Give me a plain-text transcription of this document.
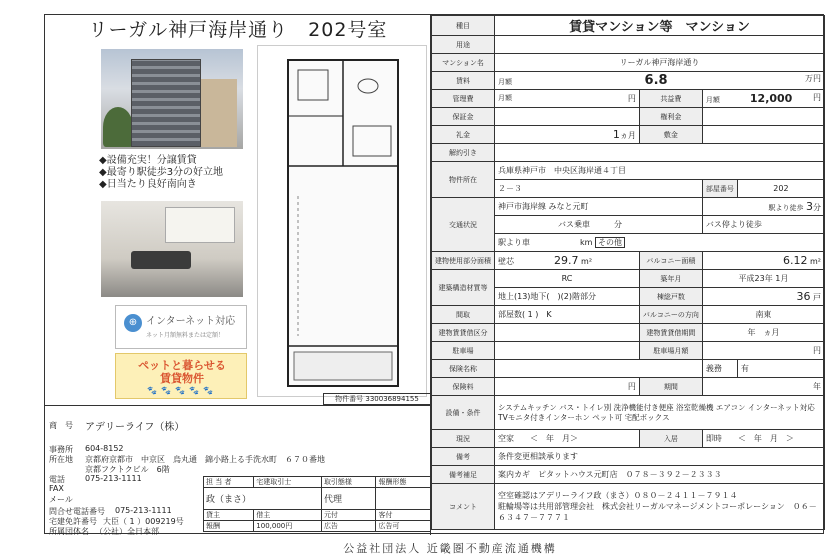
リーガル神戸海岸通り　202号室
◆設備充実！分譲賃貸
◆最寄り駅徒歩3分の好立地
◆日当たり良好南向き
⊕ インターネット対応
ネット月額無料または定額！
ペットと暮らせる
賃貸物件
🐾🐾🐾🐾🐾
物件番号 330036894155
商　号 アデリーライフ（株）
事務所 604-8152
所在地 京都府京都市　中京区　烏丸通　錦小路上る手洗水町　６７０番地
京都フクトクビル　6階
電話	075-213-1111
FAX
メール
問合せ電話番号 075-213-1111
宅建免許番号 大臣（ 1 ）009219号
所属団体名 （公社）全日本部
担 当 者	宅建取引士	取引態様	報酬形態
政（まさ）		代理	
貸主	借主	元付	客付
報酬	100,000円	広告	広告可
種目	賃貸マンション等　マンション			
用途				
マンション名	リーガル神戸海岸通り			
賃料	月額 6.8 万円			

管理費	月額 円	共益費	月額 12,000 円	

保証金		権利金		
礼金	1ヵ月	敷金		
解約引き				
物件所在	兵庫県神戸市　中央区海岸通４丁目			
	２－３		部屋番号	202
交通状況	神戸市海岸線 みなと元町		駅より徒歩 3分	
	バス乗車 分		バス停より徒歩	
	駅より車 km その他			
建物使用部分面積	壁芯 29.7 m²	バルコニー面積	6.12 m²	
建築構造材質等	RC	築年月	平成23年 1月	
	地上(13)地下(　)(2)階部分	棟総戸数	36 戸	
間取	部屋数( 1 )　K	バルコニーの方向	南東	
建物賃貸借区分		建物賃貸借期間	年　ヵ月	
駐車場		駐車場月額	円	
保険名称			義務	有
保険料	円	期間	年	
設備・条件	システムキッチン バス・トイレ別 洗浄機能付き便座 浴室乾燥機 エアコン インターネット対応 TVモニタ付きインターホン ペット可 宅配ボックス			
現況	空家　　＜　年　月＞	入居	即時　　＜　年　月　＞	
備考	条件変更相談承ります			
備考補足	案内カギ　ピタットハウス元町店　０７８－３９２－２３３３			
コメント	空室確認はアデリーライフ政（まさ）０８０－２４１１－７９１４
駐輪場等は共用部管理会社　株式会社リーガルマネージメントコーポレーション　０６－６３４７－７７７１			
公益社団法人 近畿圏不動産流通機構
